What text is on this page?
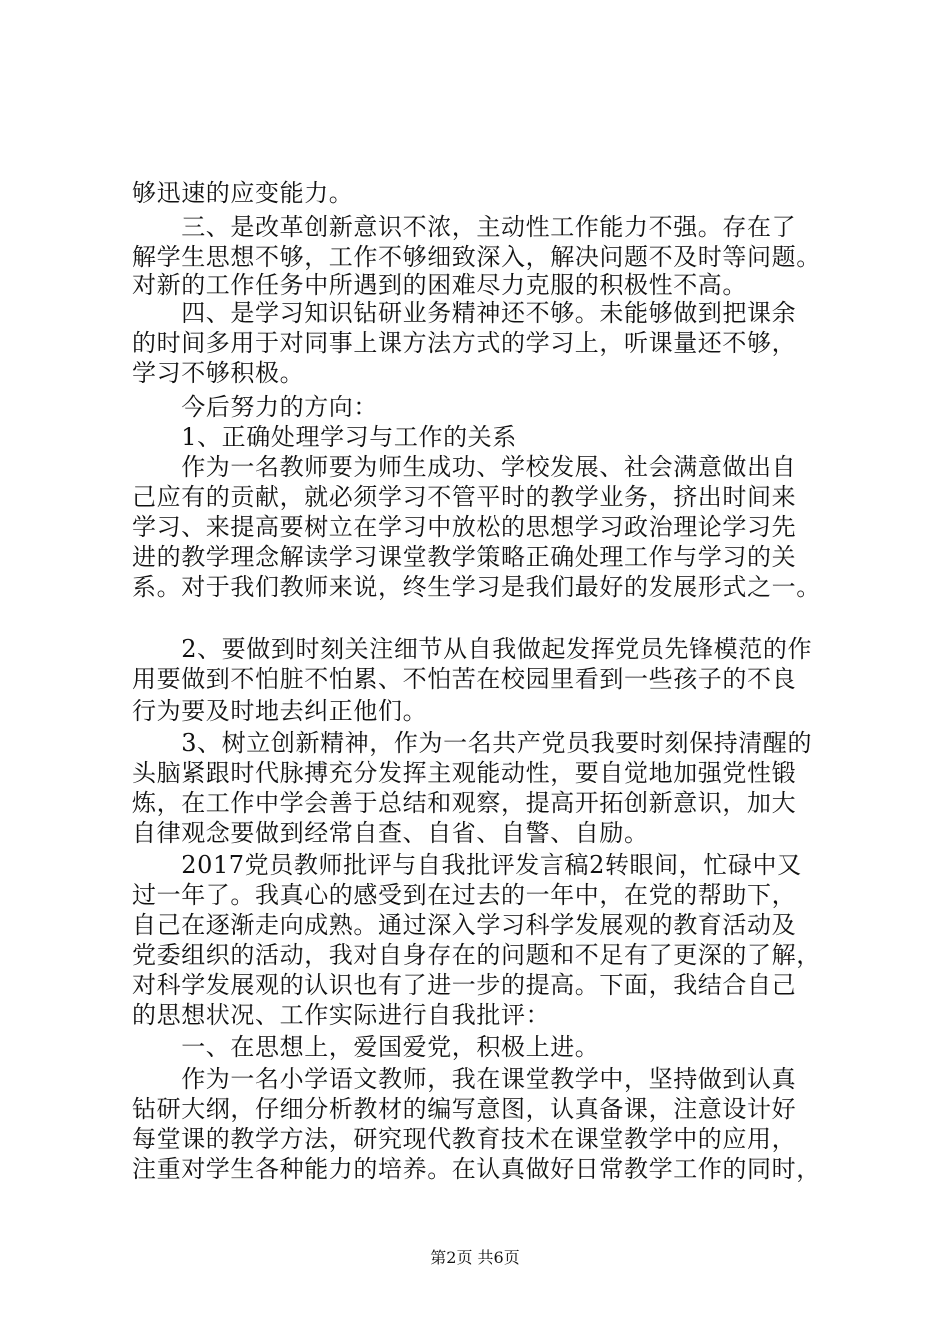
够迅速的应变能力。
　　三、是改革创新意识不浓，主动性工作能力不强。存在了
解学生思想不够，工作不够细致深入，解决问题不及时等问题。
对新的工作任务中所遇到的困难尽力克服的积极性不高。
　　四、是学习知识钻研业务精神还不够。未能够做到把课余
的时间多用于对同事上课方法方式的学习上，听课量还不够，
学习不够积极。
　　今后努力的方向：
　　1、正确处理学习与工作的关系
　　作为一名教师要为师生成功、学校发展、社会满意做出自
己应有的贡献，就必须学习不管平时的教学业务，挤出时间来
学习、来提高要树立在学习中放松的思想学习政治理论学习先
进的教学理念解读学习课堂教学策略正确处理工作与学习的关
系。对于我们教师来说，终生学习是我们最好的发展形式之一。
　　2、要做到时刻关注细节从自我做起发挥党员先锋模范的作
用要做到不怕脏不怕累、不怕苦在校园里看到一些孩子的不良
行为要及时地去纠正他们。
　　3、树立创新精神，作为一名共产党员我要时刻保持清醒的
头脑紧跟时代脉搏充分发挥主观能动性，要自觉地加强党性锻
炼，在工作中学会善于总结和观察，提高开拓创新意识，加大
自律观念要做到经常自查、自省、自警、自励。
　　2017党员教师批评与自我批评发言稿2转眼间，忙碌中又
过一年了。我真心的感受到在过去的一年中，在党的帮助下，
自己在逐渐走向成熟。通过深入学习科学发展观的教育活动及
党委组织的活动，我对自身存在的问题和不足有了更深的了解，
对科学发展观的认识也有了进一步的提高。下面，我结合自己
的思想状况、工作实际进行自我批评：
　　一、在思想上，爱国爱党，积极上进。
　　作为一名小学语文教师，我在课堂教学中，坚持做到认真
钻研大纲，仔细分析教材的编写意图，认真备课，注意设计好
每堂课的教学方法，研究现代教育技术在课堂教学中的应用，
注重对学生各种能力的培养。在认真做好日常教学工作的同时，
第2页 共6页
